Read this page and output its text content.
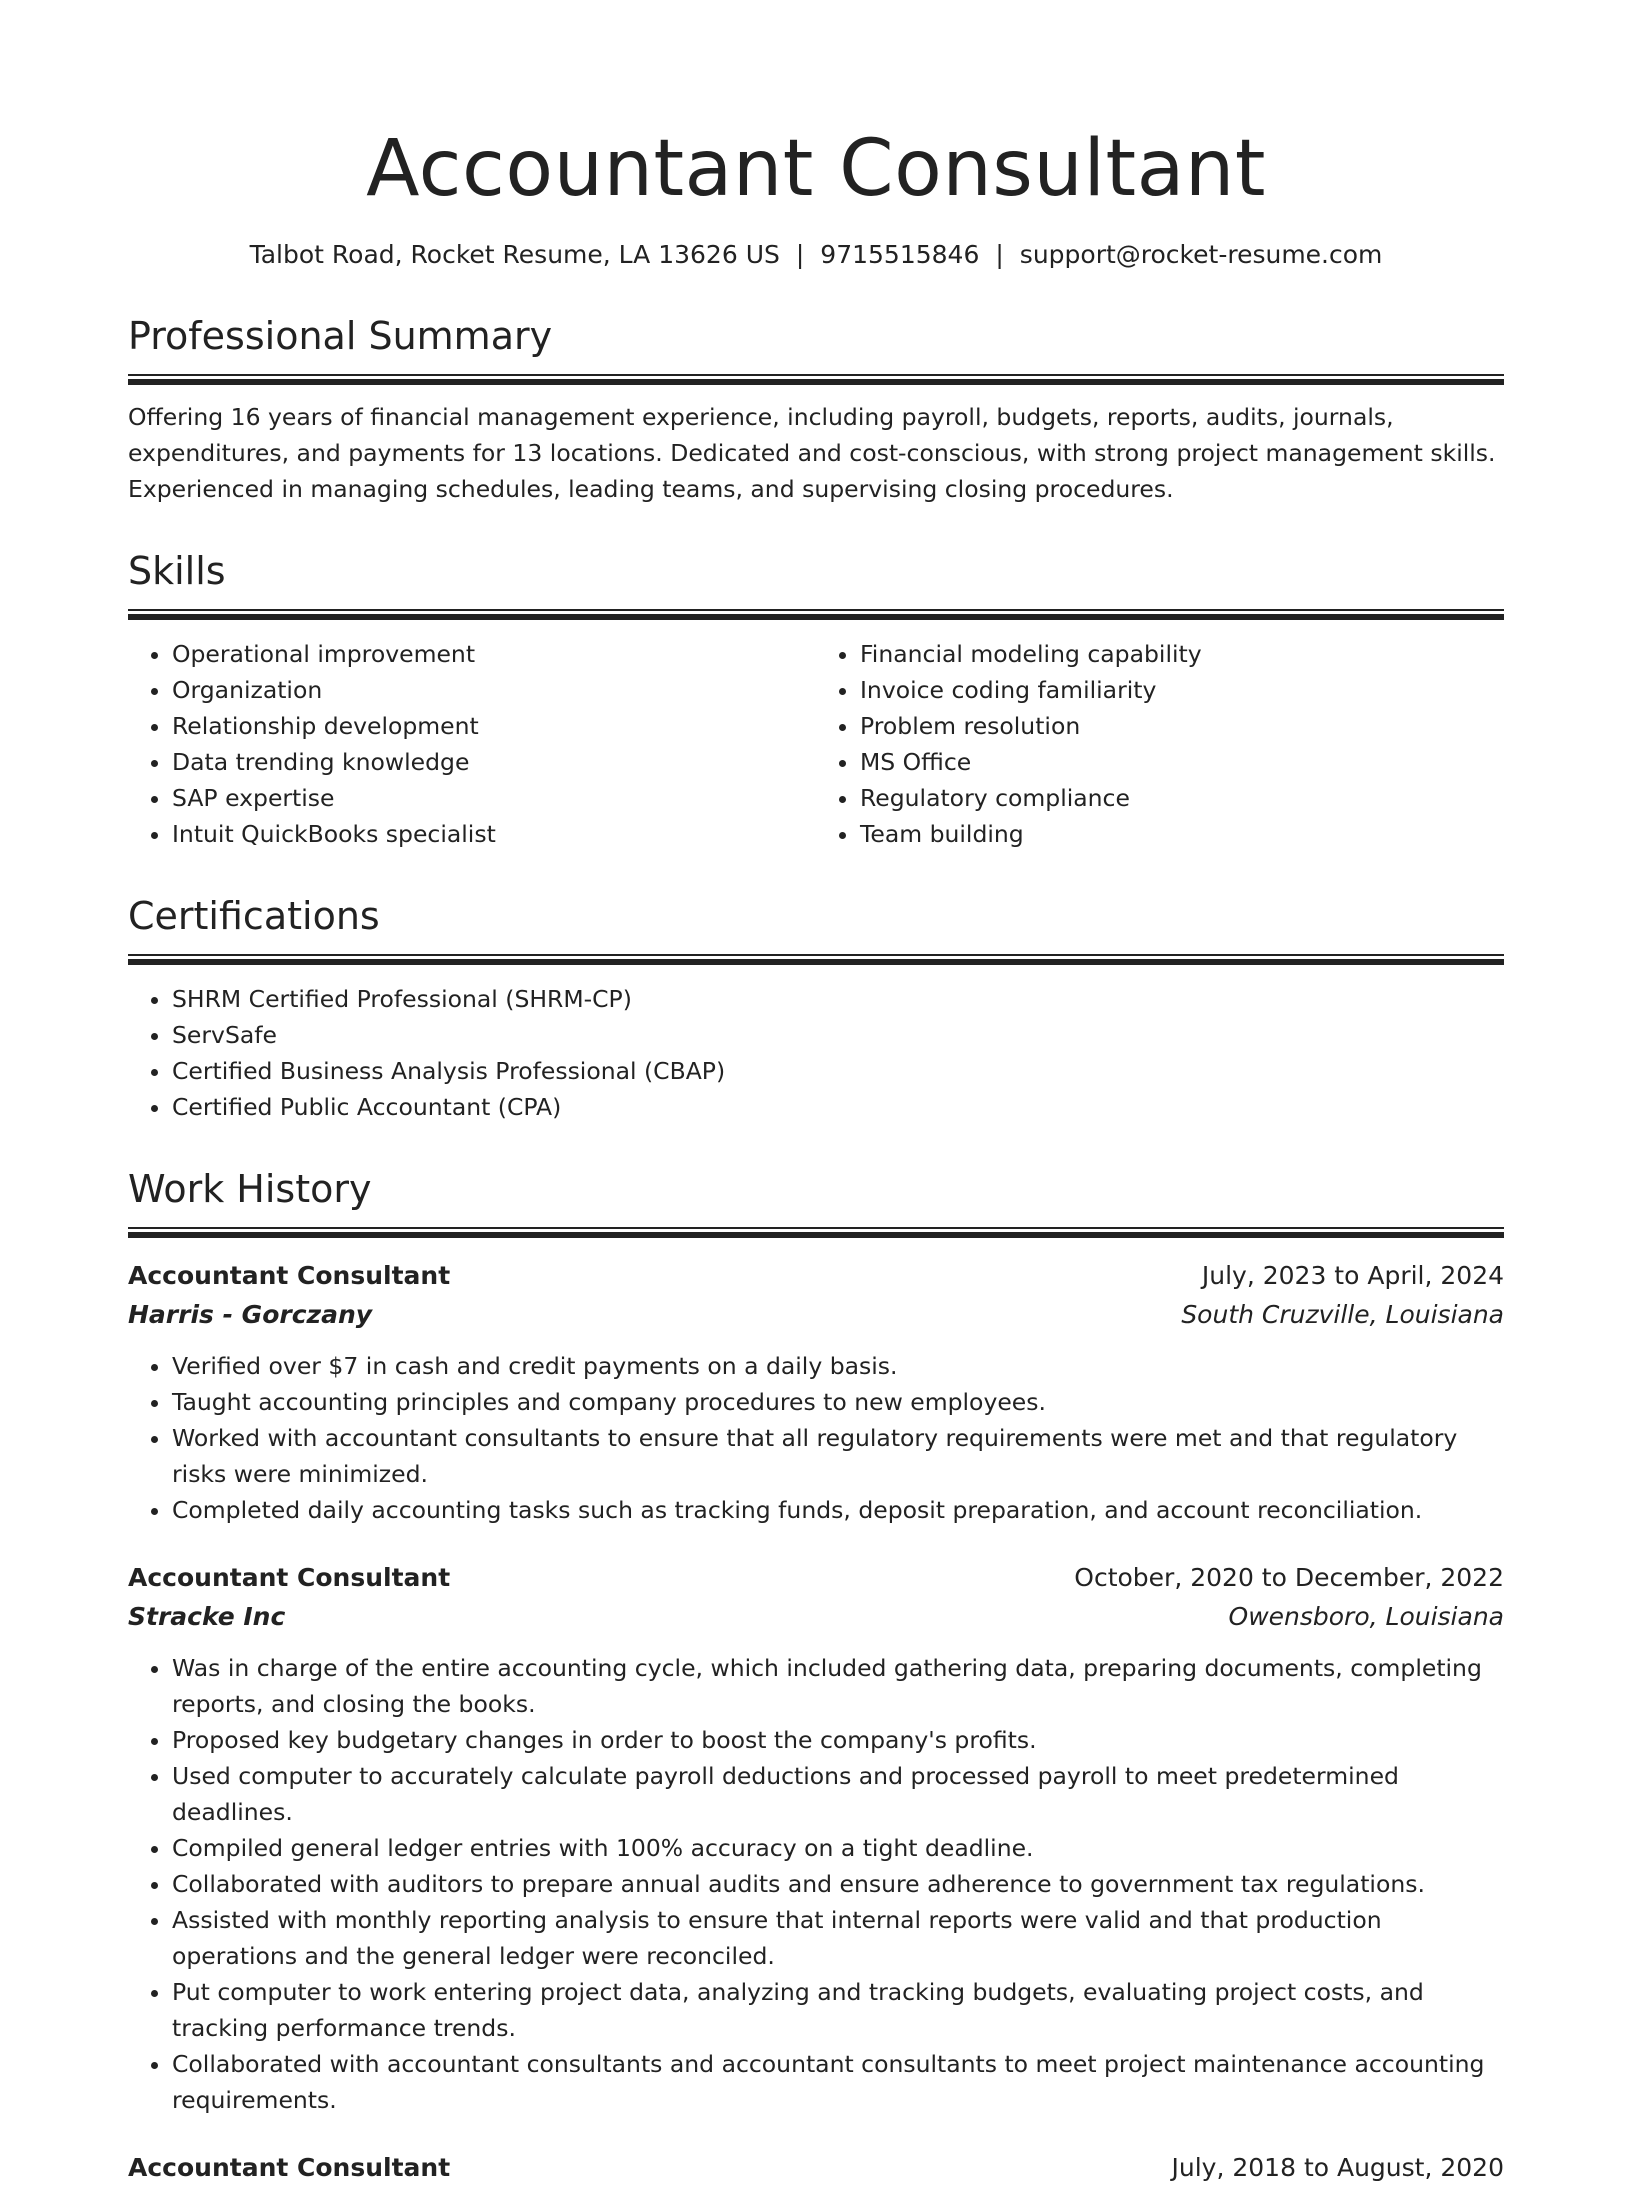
Accountant Consultant
Talbot Road, Rocket Resume, LA 13626 US | 9715515846 | support@rocket-resume.com
Professional Summary
Offering 16 years of financial management experience, including payroll, budgets, reports, audits, journals, expenditures, and payments for 13 locations. Dedicated and cost-conscious, with strong project management skills. Experienced in managing schedules, leading teams, and supervising closing procedures.
Skills
• Operational improvement
• Organization
• Relationship development
• Data trending knowledge
• SAP expertise
• Intuit QuickBooks specialist
• Financial modeling capability
• Invoice coding familiarity
• Problem resolution
• MS Office
• Regulatory compliance
• Team building
Certifications
• SHRM Certified Professional (SHRM-CP)
• ServSafe
• Certified Business Analysis Professional (CBAP)
• Certified Public Accountant (CPA)
Work History
Accountant Consultant	July, 2023 to April, 2024
Harris - Gorczany	South Cruzville, Louisiana
• Verified over $7 in cash and credit payments on a daily basis.
• Taught accounting principles and company procedures to new employees.
• Worked with accountant consultants to ensure that all regulatory requirements were met and that regulatory risks were minimized.
• Completed daily accounting tasks such as tracking funds, deposit preparation, and account reconciliation.
Accountant Consultant	October, 2020 to December, 2022
Stracke Inc	Owensboro, Louisiana
• Was in charge of the entire accounting cycle, which included gathering data, preparing documents, completing reports, and closing the books.
• Proposed key budgetary changes in order to boost the company's profits.
• Used computer to accurately calculate payroll deductions and processed payroll to meet predetermined deadlines.
• Compiled general ledger entries with 100% accuracy on a tight deadline.
• Collaborated with auditors to prepare annual audits and ensure adherence to government tax regulations.
• Assisted with monthly reporting analysis to ensure that internal reports were valid and that production operations and the general ledger were reconciled.
• Put computer to work entering project data, analyzing and tracking budgets, evaluating project costs, and tracking performance trends.
• Collaborated with accountant consultants and accountant consultants to meet project maintenance accounting requirements.
Accountant Consultant	July, 2018 to August, 2020
